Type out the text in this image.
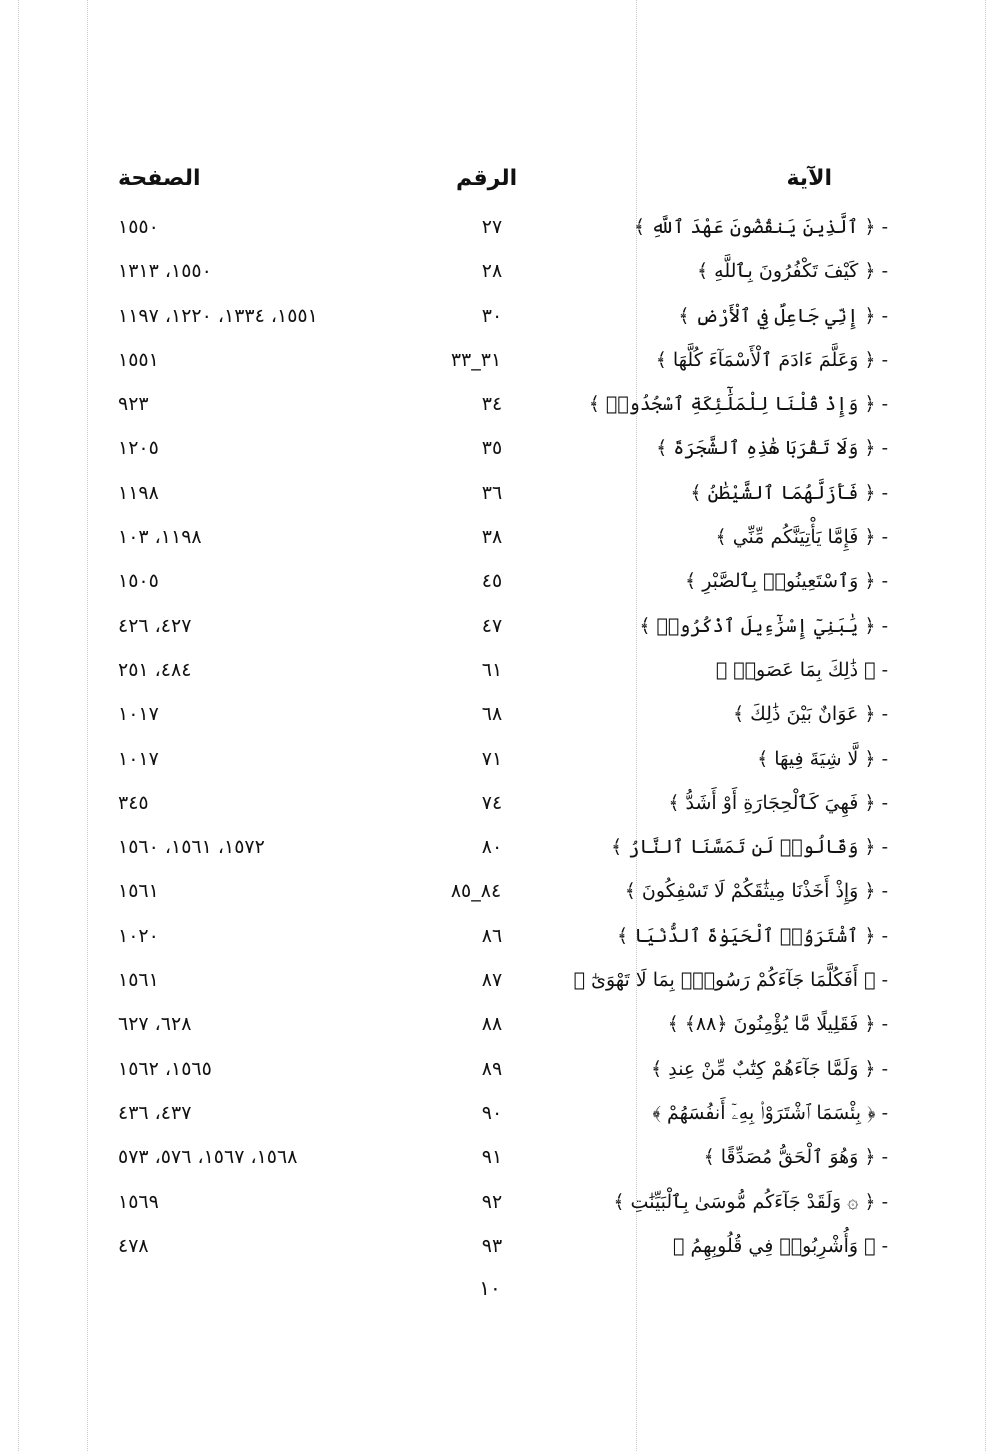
الآية
الرقم
الصفحة
- ﴿ ٱلَّذِينَ يَنقُضُونَ عَهْدَ ٱللَّهِ ﴾
٢٧
١٥٥٠
- ﴿ كَيْفَ تَكْفُرُونَ بِٱللَّهِ ﴾
٢٨
١٥٥٠، ١٣١٣
- ﴿ إِنِّي جَاعِلٌ فِي ٱلْأَرْضِ ﴾
٣٠
١٥٥١، ١٣٣٤، ١٢٢٠، ١١٩٧
- ﴿ وَعَلَّمَ ءَادَمَ ٱلْأَسْمَآءَ كُلَّهَا ﴾
٣١_٣٣
١٥٥١
- ﴿ وَإِذْ قُلْنَا لِلْمَلَٰٓئِكَةِ ٱسْجُدُوا۟ ﴾
٣٤
٩٢٣
- ﴿ وَلَا تَقْرَبَا هَٰذِهِ ٱلشَّجَرَةَ ﴾
٣٥
١٢٠٥
- ﴿ فَأَزَلَّهُمَا ٱلشَّيْطَٰنُ ﴾
٣٦
١١٩٨
- ﴿ فَإِمَّا يَأْتِيَنَّكُم مِّنِّي ﴾
٣٨
١١٩٨، ١٠٣
- ﴿ وَٱسْتَعِينُوا۟ بِٱلصَّبْرِ ﴾
٤٥
١٥٠٥
- ﴿ يَٰبَنِيٓ إِسْرَٰٓءِيلَ ٱذْكُرُوا۟ ﴾
٤٧
٤٢٧، ٤٢٦
- ﴿ ذَٰلِكَ بِمَا عَصَوا۟ ﴾
٦١
٤٨٤، ٢٥١
- ﴿ عَوَانٌ بَيْنَ ذَٰلِكَ ﴾
٦٨
١٠١٧
- ﴿ لَّا شِيَةَ فِيهَا ﴾
٧١
١٠١٧
- ﴿ فَهِيَ كَٱلْحِجَارَةِ أَوْ أَشَدُّ ﴾
٧٤
٣٤٥
- ﴿ وَقَالُوا۟ لَن تَمَسَّنَا ٱلنَّارُ ﴾
٨٠
١٥٧٢، ١٥٦١، ١٥٦٠
- ﴿ وَإِذْ أَخَذْنَا مِيثَٰقَكُمْ لَا تَسْفِكُونَ ﴾
٨٤_٨٥
١٥٦١
- ﴿ ٱشْتَرَوُا۟ ٱلْحَيَوٰةَ ٱلدُّنْيَا ﴾
٨٦
١٠٢٠
- ﴿ أَفَكُلَّمَا جَآءَكُمْ رَسُولٌۢ بِمَا لَا تَهْوَىٰٓ ﴾
٨٧
١٥٦١
- ﴿ فَقَلِيلًا مَّا يُؤْمِنُونَ ﴿٨٨﴾ ﴾
٨٨
٦٢٨، ٦٢٧
- ﴿ وَلَمَّا جَآءَهُمْ كِتَٰبٌ مِّنْ عِندِ ﴾
٨٩
١٥٦٥، ١٥٦٢
- ﴿ بِئْسَمَا ٱشْتَرَوْا۟ بِهِۦٓ أَنفُسَهُمْ ﴾
٩٠
٤٣٧، ٤٣٦
- ﴿ وَهُوَ ٱلْحَقُّ مُصَدِّقًا ﴾
٩١
١٥٦٨، ١٥٦٧، ٥٧٦، ٥٧٣
- ﴿ ۞ وَلَقَدْ جَآءَكُم مُّوسَىٰ بِٱلْبَيِّنَٰتِ ﴾
٩٢
١٥٦٩
- ﴿ وَأُشْرِبُوا۟ فِي قُلُوبِهِمُ ﴾
٩٣
٤٧٨
١٠
